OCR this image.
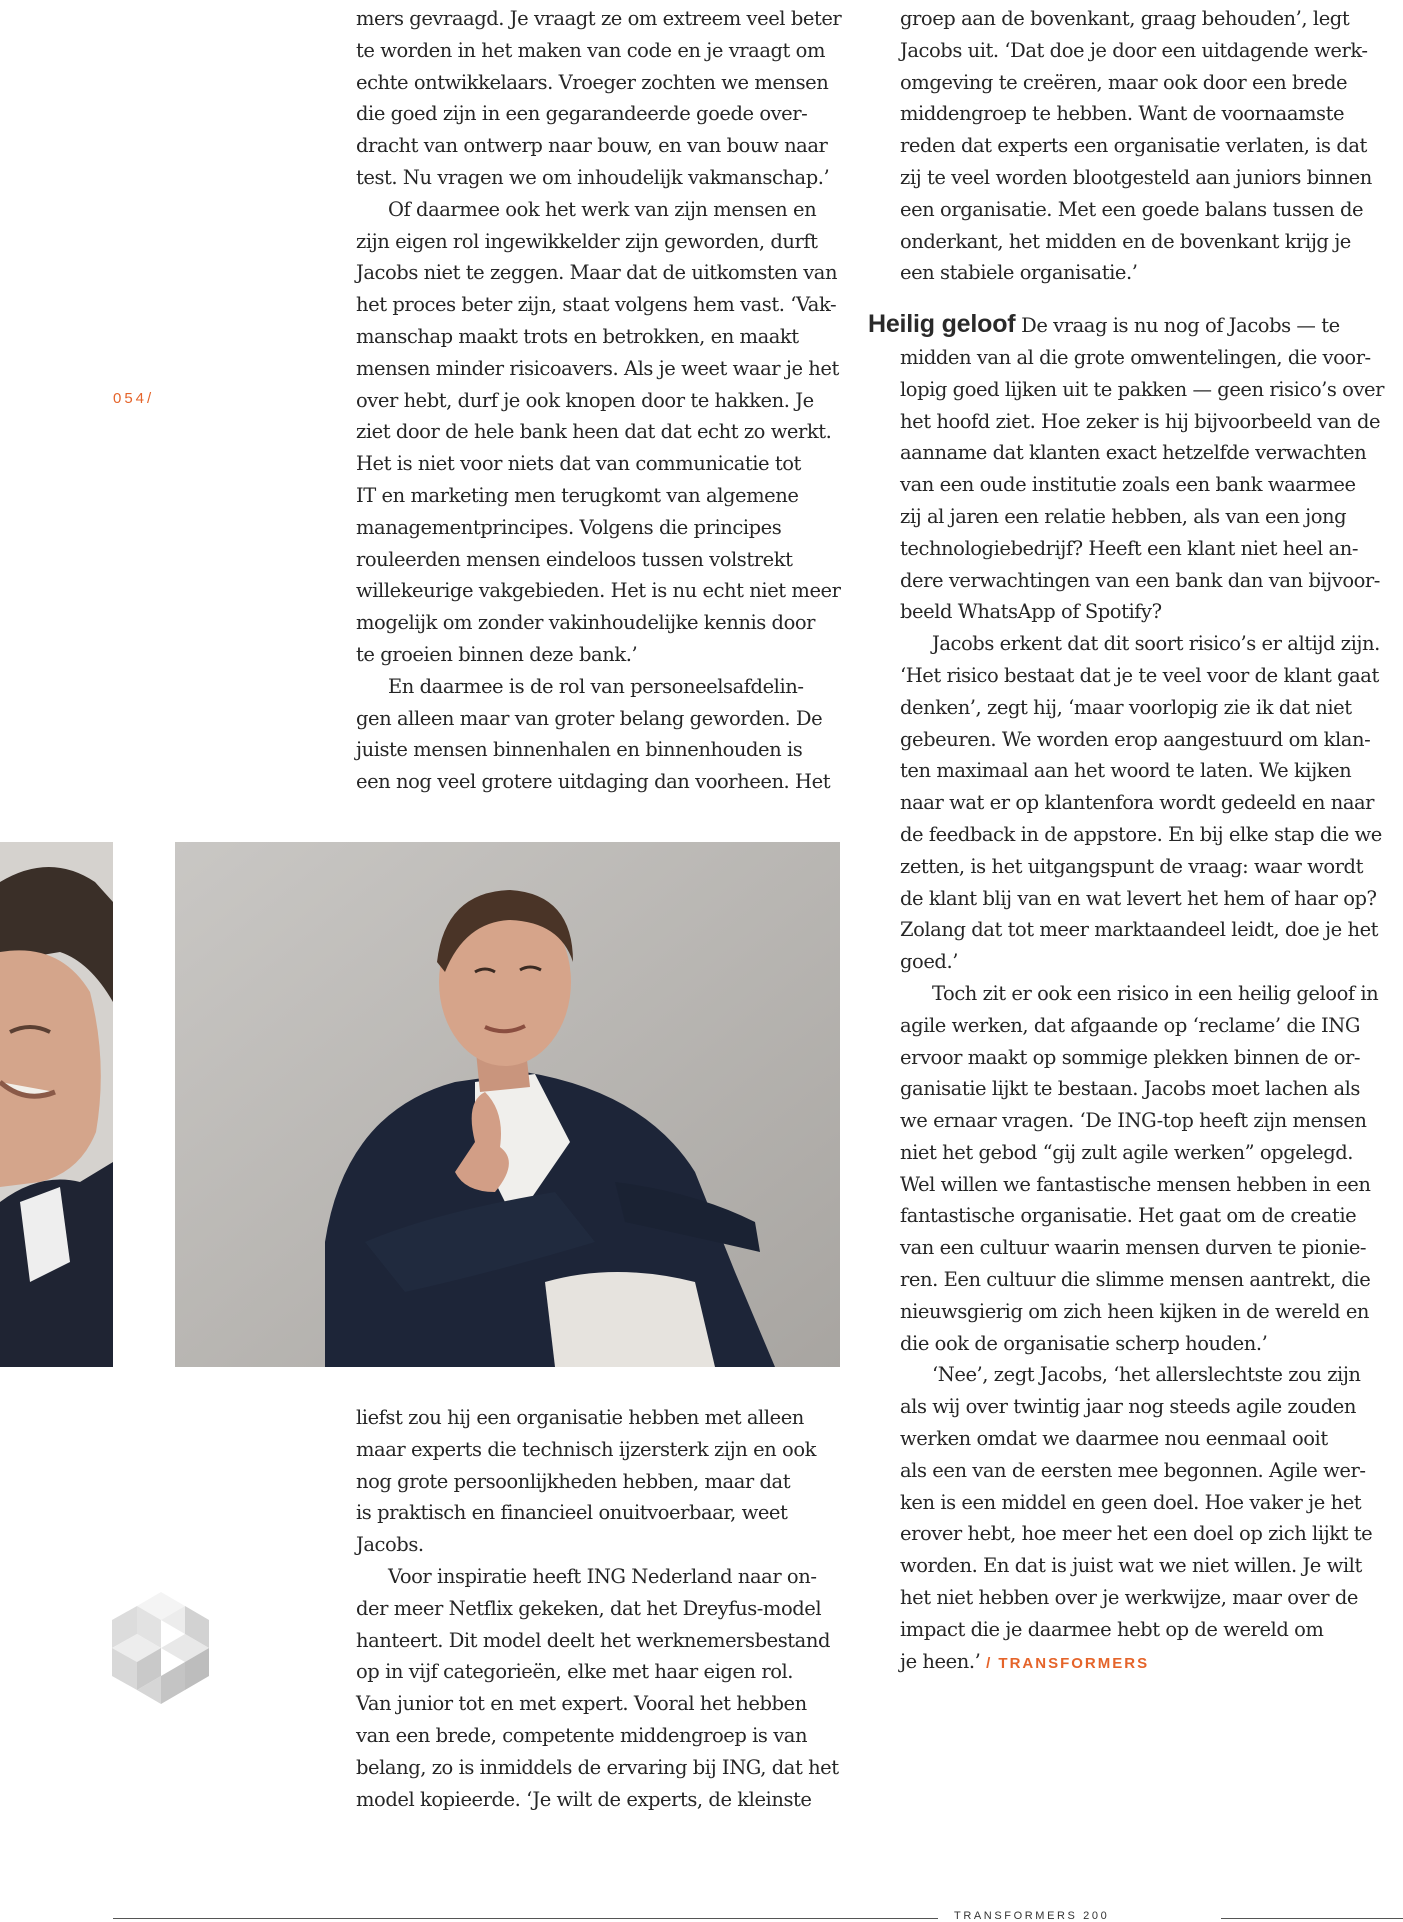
054/

mers gevraagd. Je vraagt ze om extreem veel beter
te worden in het maken van code en je vraagt om
echte ontwikkelaars. Vroeger zochten we mensen
die goed zijn in een gegarandeerde goede over-
dracht van ontwerp naar bouw, en van bouw naar
test. Nu vragen we om inhoudelijk vakmanschap.’

Of daarmee ook het werk van zijn mensen en
zijn eigen rol ingewikkelder zijn geworden, durft
Jacobs niet te zeggen. Maar dat de uitkomsten van
het proces beter zijn, staat volgens hem vast. ‘Vak-
manschap maakt trots en betrokken, en maakt
mensen minder risicoavers. Als je weet waar je het
over hebt, durf je ook knopen door te hakken. Je
ziet door de hele bank heen dat dat echt zo werkt.
Het is niet voor niets dat van communicatie tot
IT en marketing men terugkomt van algemene
managementprincipes. Volgens die principes
rouleerden mensen eindeloos tussen volstrekt
willekeurige vakgebieden. Het is nu echt niet meer
mogelijk om zonder vakinhoudelijke kennis door
te groeien binnen deze bank.’

En daarmee is de rol van personeelsafdelin-
gen alleen maar van groter belang geworden. De
juiste mensen binnenhalen en binnenhouden is
een nog veel grotere uitdaging dan voorheen. Het

liefst zou hij een organisatie hebben met alleen
maar experts die technisch ijzersterk zijn en ook
nog grote persoonlijkheden hebben, maar dat
is praktisch en financieel onuitvoerbaar, weet
Jacobs.

Voor inspiratie heeft ING Nederland naar on-
der meer Netflix gekeken, dat het Dreyfus-model
hanteert. Dit model deelt het werknemersbestand
op in vijf categorieën, elke met haar eigen rol.
Van junior tot en met expert. Vooral het hebben
van een brede, competente middengroep is van
belang, zo is inmiddels de ervaring bij ING, dat het
model kopieerde. ‘Je wilt de experts, de kleinste

groep aan de bovenkant, graag behouden’, legt
Jacobs uit. ‘Dat doe je door een uitdagende werk-
omgeving te creëren, maar ook door een brede
middengroep te hebben. Want de voornaamste
reden dat experts een organisatie verlaten, is dat
zij te veel worden blootgesteld aan juniors binnen
een organisatie. Met een goede balans tussen de
onderkant, het midden en de bovenkant krijg je
een stabiele organisatie.’

Heilig geloof De vraag is nu nog of Jacobs — te

midden van al die grote omwentelingen, die voor-
lopig goed lijken uit te pakken — geen risico’s over
het hoofd ziet. Hoe zeker is hij bijvoorbeeld van de
aanname dat klanten exact hetzelfde verwachten
van een oude institutie zoals een bank waarmee
zij al jaren een relatie hebben, als van een jong
technologiebedrijf? Heeft een klant niet heel an-
dere verwachtingen van een bank dan van bijvoor-
beeld WhatsApp of Spotify?

Jacobs erkent dat dit soort risico’s er altijd zijn.
‘Het risico bestaat dat je te veel voor de klant gaat
denken’, zegt hij, ‘maar voorlopig zie ik dat niet
gebeuren. We worden erop aangestuurd om klan-
ten maximaal aan het woord te laten. We kijken
naar wat er op klantenfora wordt gedeeld en naar
de feedback in de appstore. En bij elke stap die we
zetten, is het uitgangspunt de vraag: waar wordt
de klant blij van en wat levert het hem of haar op?
Zolang dat tot meer marktaandeel leidt, doe je het
goed.’

Toch zit er ook een risico in een heilig geloof in
agile werken, dat afgaande op ‘reclame’ die ING
ervoor maakt op sommige plekken binnen de or-
ganisatie lijkt te bestaan. Jacobs moet lachen als
we ernaar vragen. ‘De ING-top heeft zijn mensen
niet het gebod “gij zult agile werken” opgelegd.
Wel willen we fantastische mensen hebben in een
fantastische organisatie. Het gaat om de creatie
van een cultuur waarin mensen durven te pionie-
ren. Een cultuur die slimme mensen aantrekt, die
nieuwsgierig om zich heen kijken in de wereld en
die ook de organisatie scherp houden.’

‘Nee’, zegt Jacobs, ‘het allerslechtste zou zijn
als wij over twintig jaar nog steeds agile zouden
werken omdat we daarmee nou eenmaal ooit
als een van de eersten mee begonnen. Agile wer-
ken is een middel en geen doel. Hoe vaker je het
erover hebt, hoe meer het een doel op zich lijkt te
worden. En dat is juist wat we niet willen. Je wilt
het niet hebben over je werkwijze, maar over de
impact die je daarmee hebt op de wereld om
je heen.’ / TRANSFORMERS

TRANSFORMERS 200
